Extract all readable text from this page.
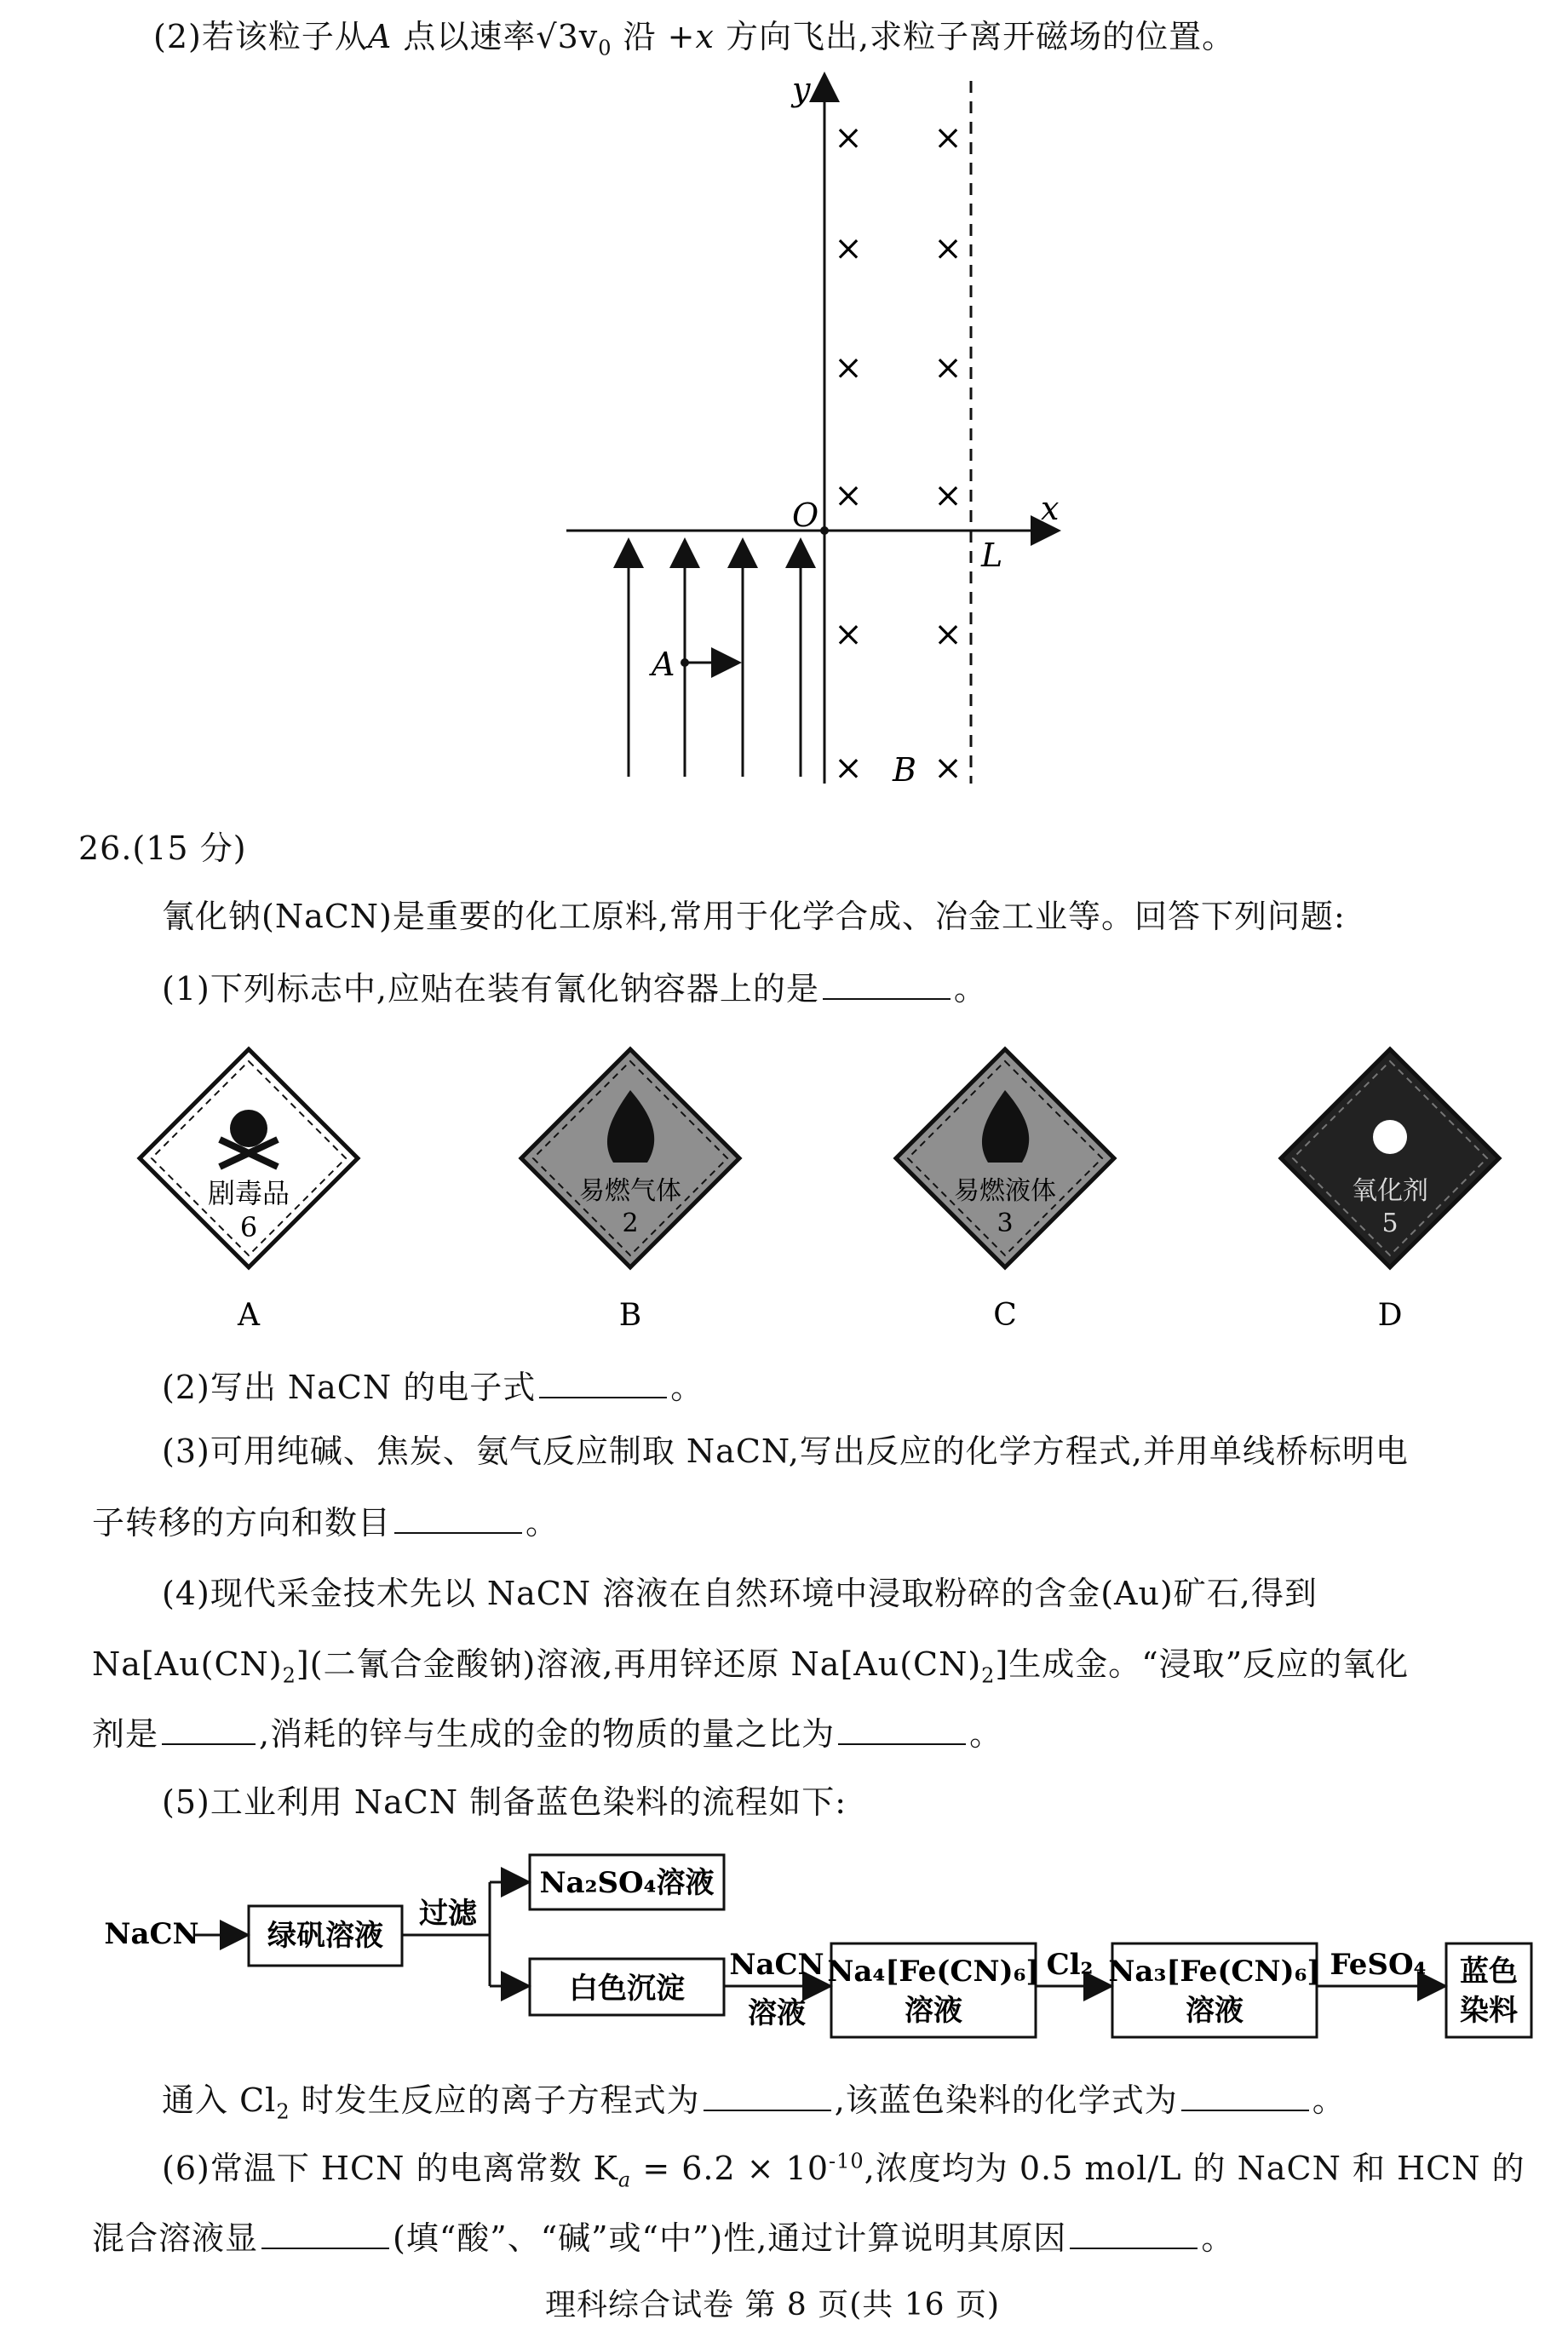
(2)若该粒子从A 点以速率$√3v_0$ 沿 +x 方向飞出,求粒子离开磁场的位置。
y
x
O
L
× ×
× ×
× ×
× ×
× ×
× ×
B
A
26.(15 分)
氰化钠(NaCN)是重要的化工原料,常用于化学合成、冶金工业等。回答下列问题:
(1)下列标志中,应贴在装有氰化钠容器上的是	。
剧毒品
6
A
易燃气体
2
B
易燃液体
3
C
氧化剂
5
D
(2)写出 NaCN 的电子式	。
(3)可用纯碱、焦炭、氨气反应制取 NaCN,写出反应的化学方程式,并用单线桥标明电
子转移的方向和数目	。
(4)现代采金技术先以 NaCN 溶液在自然环境中浸取粉碎的含金(Au)矿石,得到
$Na[Au(CN)_2]$(二氰合金酸钠)溶液,再用锌还原 $Na[Au(CN)_2]$生成金。“浸取”反应的氧化
剂是	,消耗的锌与生成的金的物质的量之比为	。
(5)工业利用 NaCN 制备蓝色染料的流程如下:
NaCN 绿矾溶液
过滤
Na₂SO₄溶液
白色沉淀
NaCN
溶液
Na₄[Fe(CN)₆]
溶液
Cl₂ Na₃[Fe(CN)₆]
溶液
FeSO₄ 蓝色
染料
通入 $Cl_2$ 时发生反应的离子方程式为	,该蓝色染料的化学式为	。
(6)常温下 HCN 的电离常数 $K_a = 6.2 \times 10^{-10}$,浓度均为 0.5 mol/L 的 NaCN 和 HCN 的
混合溶液显	(填“酸”、“碱”或“中”)性,通过计算说明其原因	。
理科综合试卷 第 8 页(共 16 页)
